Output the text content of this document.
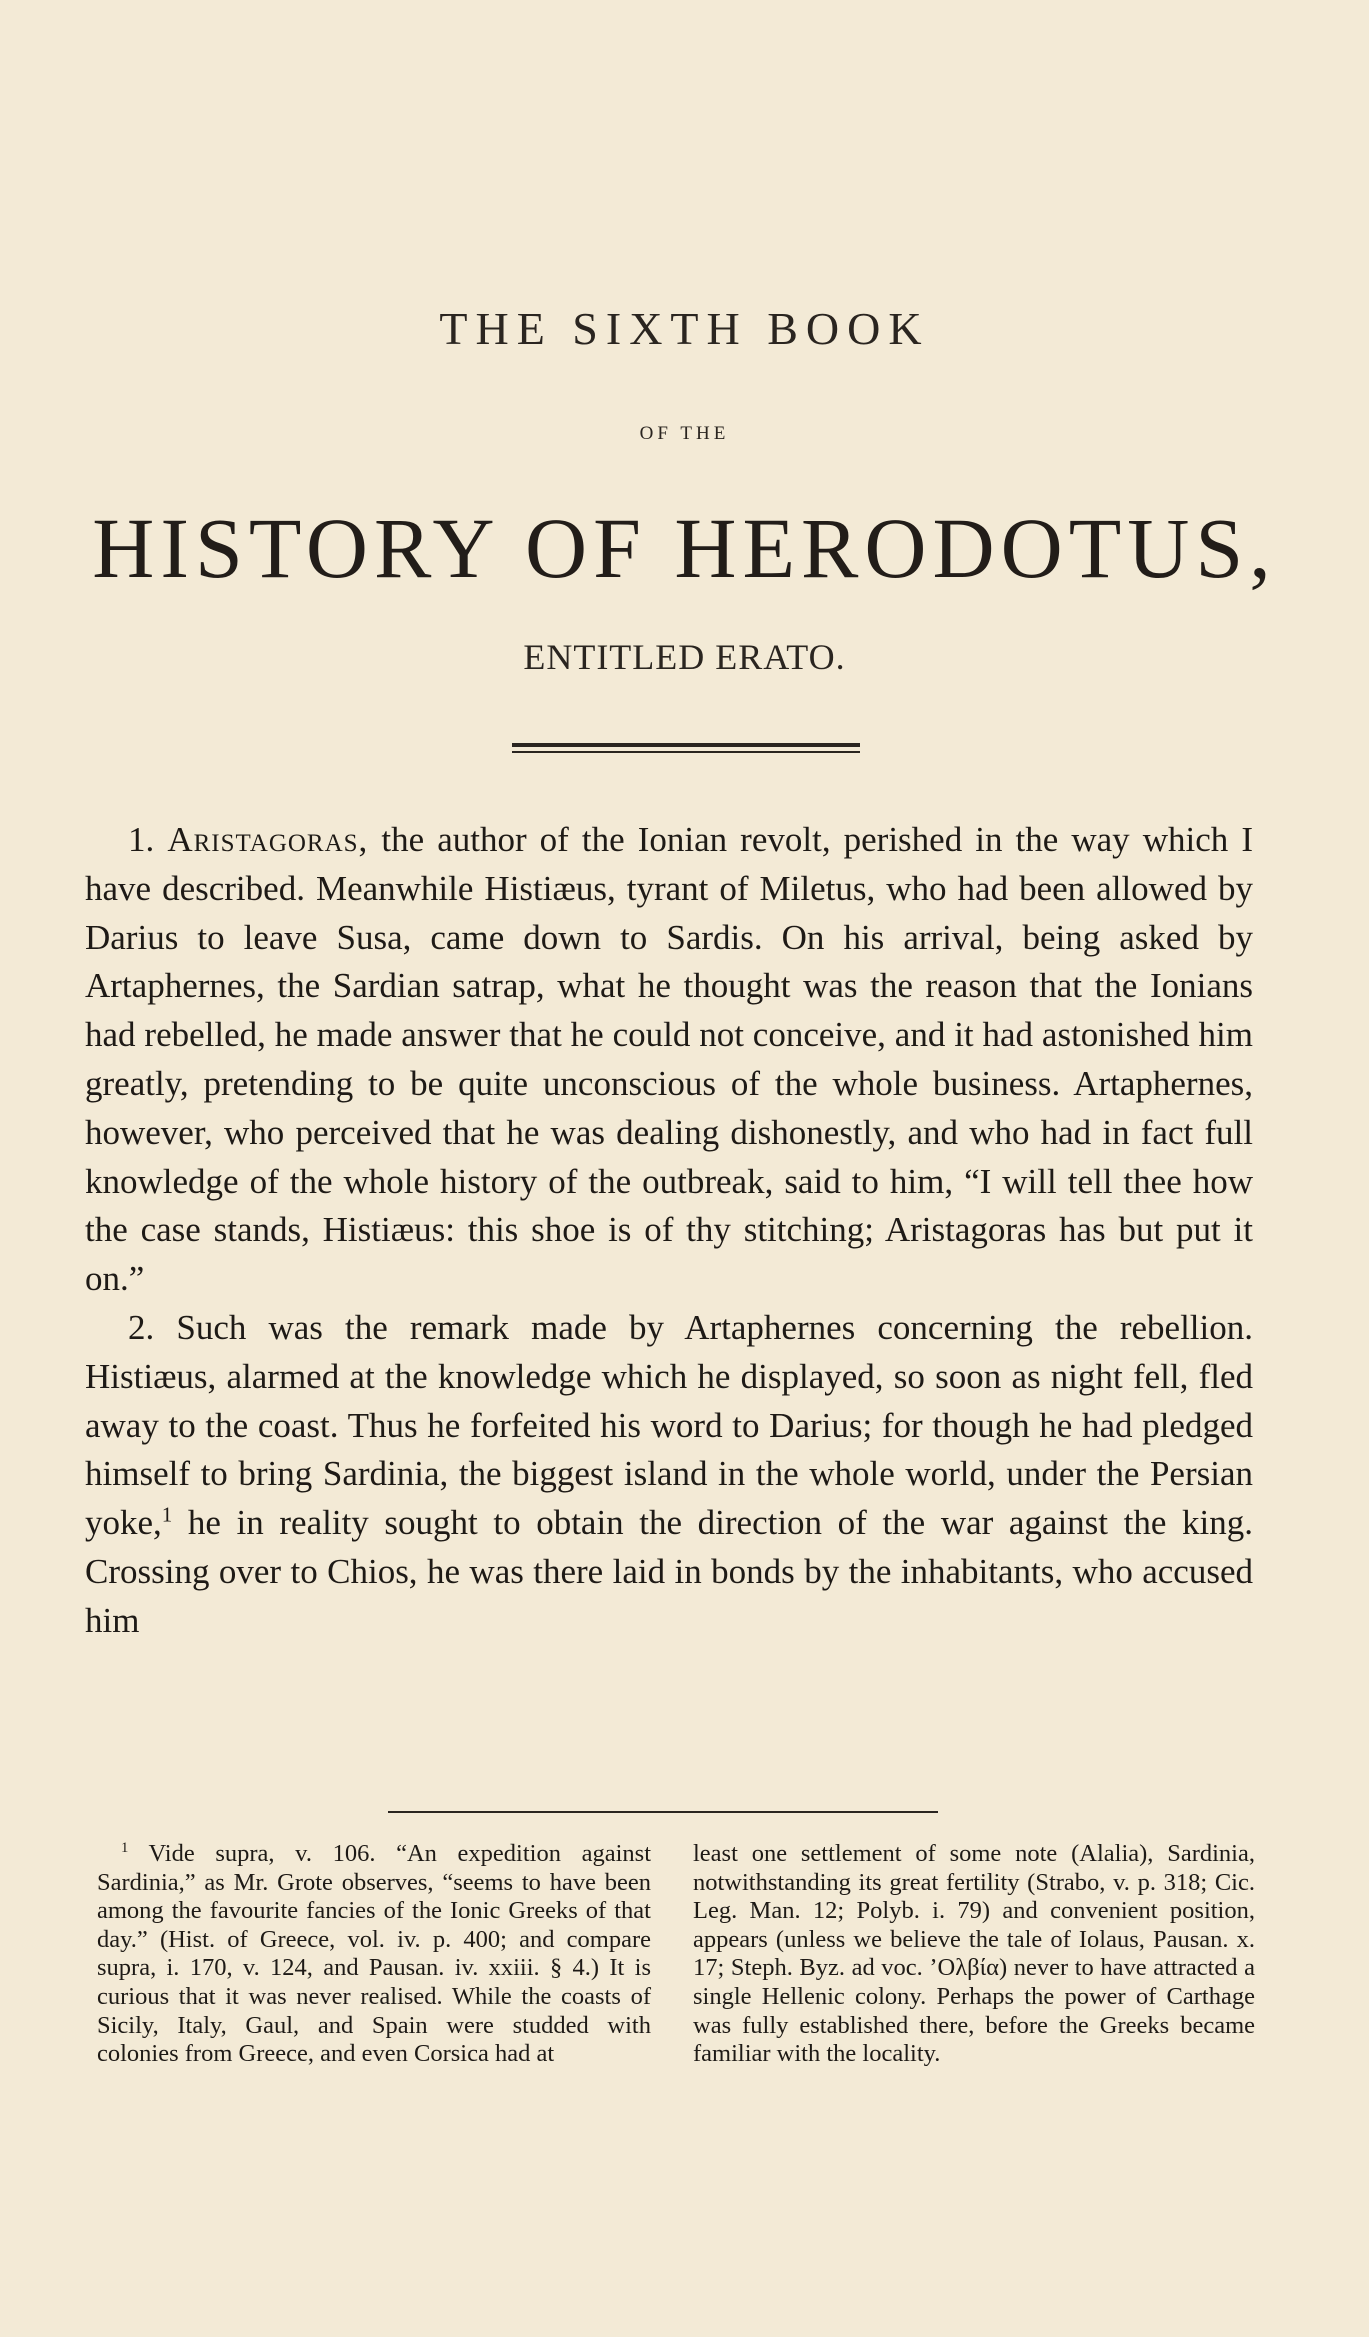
THE SIXTH BOOK
OF THE
HISTORY OF HERODOTUS,
ENTITLED ERATO.

1. Aristagoras, the author of the Ionian revolt, perished in the way which I have described. Meanwhile Histiæus, tyrant of Miletus, who had been allowed by Darius to leave Susa, came down to Sardis. On his arrival, being asked by Artaphernes, the Sardian satrap, what he thought was the reason that the Ionians had rebelled, he made answer that he could not conceive, and it had astonished him greatly, pretending to be quite unconscious of the whole business. Artaphernes, however, who perceived that he was dealing dishonestly, and who had in fact full knowledge of the whole history of the outbreak, said to him, “I will tell thee how the case stands, Histiæus: this shoe is of thy stitching; Aristagoras has but put it on.”

2. Such was the remark made by Artaphernes concerning the rebellion. Histiæus, alarmed at the knowledge which he displayed, so soon as night fell, fled away to the coast. Thus he forfeited his word to Darius; for though he had pledged himself to bring Sardinia, the biggest island in the whole world, under the Persian yoke,$^1$ he in reality sought to obtain the direction of the war against the king. Crossing over to Chios, he was there laid in bonds by the inhabitants, who accused him

$^1$ Vide supra, v. 106. “An expedition against Sardinia,” as Mr. Grote observes, “seems to have been among the favourite fancies of the Ionic Greeks of that day.” (Hist. of Greece, vol. iv. p. 400; and compare supra, i. 170, v. 124, and Pausan. iv. xxiii. § 4.) It is curious that it was never realised. While the coasts of Sicily, Italy, Gaul, and Spain were studded with colonies from Greece, and even Corsica had at
least one settlement of some note (Alalia), Sardinia, notwithstanding its great fertility (Strabo, v. p. 318; Cic. Leg. Man. 12; Polyb. i. 79) and convenient position, appears (unless we believe the tale of Iolaus, Pausan. x. 17; Steph. Byz. ad voc. ’Ολβία) never to have attracted a single Hellenic colony. Perhaps the power of Carthage was fully established there, before the Greeks became familiar with the locality.
